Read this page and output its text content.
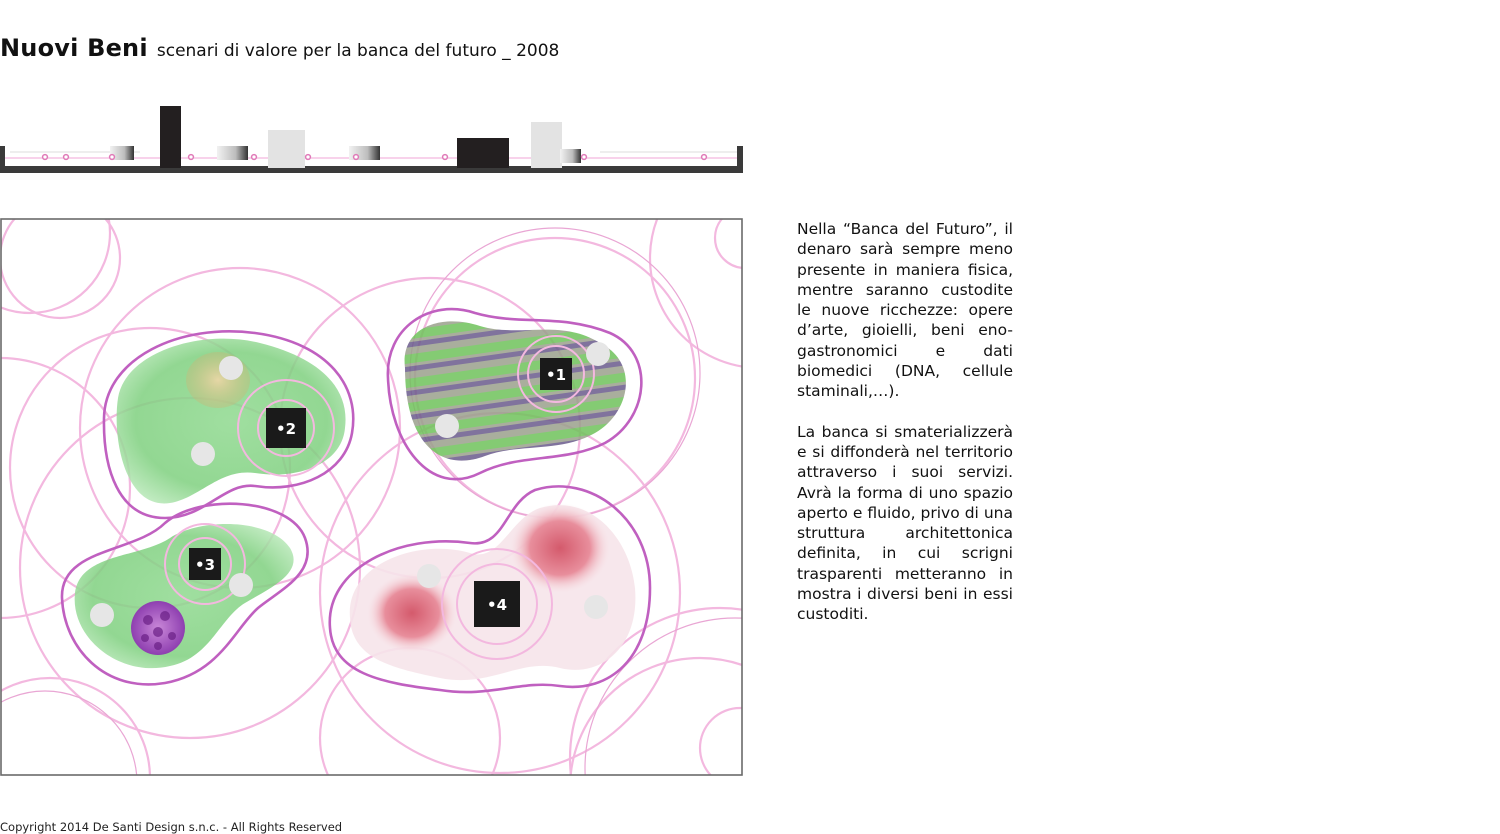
Nuovi Beni scenari di valore per la banca del futuro _ 2008
•1
•2
•3
•4

Nella “Banca del Futuro”, il denaro sarà sempre meno presente in maniera fisica, mentre saranno custodite le nuove ricchezze: opere d’arte, gioielli, beni eno-gastronomici e dati biomedici (DNA, cellule staminali,…).

La banca si smaterializzerà e si diffonderà nel territorio attraverso i suoi servizi. Avrà la forma di uno spazio aperto e fluido, privo di una struttura architettonica definita, in cui scrigni trasparenti metteranno in mostra i diversi beni in essi custoditi.

Copyright 2014 De Santi Design s.n.c. - All Rights Reserved
